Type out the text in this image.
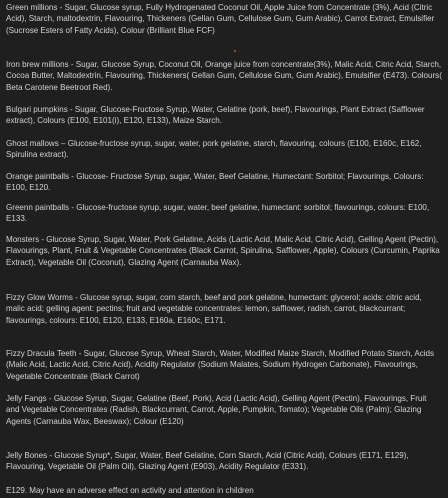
Green millions - Sugar, Glucose syrup, Fully Hydrogenated Coconut Oil, Apple Juice from Concentrate (3%), Acid (Citric Acid), Starch, maltodextrin, Flavouring, Thickeners (Gellan Gum, Cellulose Gum, Gum Arabic), Carrot Extract, Emulsifier (Sucrose Esters of Fatty Acids), Colour (Brilliant Blue FCF)

Iron brew millions - Sugar, Glucose Syrup, Coconut Oil, Orange juice from concentrate(3%), Malic Acid, Citric Acid, Starch, Cocoa Butter, Maltodextrin, Flavouring, Thickeners( Gellan Gum, Cellulose Gum, Gum Arabic), Emulsifier (E473). Colours( Beta Carotene Beetroot Red).

Bulgari pumpkins - Sugar, Glucose-Fructose Syrup, Water, Gelatine (pork, beef), Flavourings, Plant Extract (Safflower extract), Colours (E100, E101(i), E120, E133), Maize Starch.

Ghost mallows – Glucose-fructose syrup, sugar, water, pork gelatine, starch, flavouring, colours (E100, E160c, E162, Spirulina extract).

Orange paintballs - Glucose- Fructose Syrup, sugar, Water, Beef Gelatine, Humectant: Sorbitol; Flavourings, Colours: E100, E120.

Greenn paintballs - Glucose-fructose syrup, sugar, water, beef gelatine, humectant: sorbitol; flavourings, colours: E100, E133.

Monsters - Glucose Syrup, Sugar, Water, Pork Gelatine, Acids (Lactic Acid, Malic Acid, Citric Acid), Gelling Agent (Pectin), Flavourings, Plant, Fruit & Vegetable Concentrates (Black Carrot, Spirulina, Safflower, Apple), Colours (Curcumin, Paprika Extract), Vegetable Oil (Coconut), Glazing Agent (Carnauba Wax).

Fizzy Glow Worms - Glucose syrup, sugar, corn starch, beef and pork gelatine, humectant: glycerol; acids: citric acid, malic acid; gelling agent: pectins; fruit and vegetable concentrates: lemon, safflower, radish, carrot, blackcurrant; flavourings, colours: E100, E120, E133, E160a, E160c, E171.

Fizzy Dracula Teeth - Sugar, Glucose Syrup, Wheat Starch, Water, Modified Maize Starch, Modified Potato Starch, Acids (Malic Acid, Lactic Acid, Citric Acid), Acidity Regulator (Sodium Malates, Sodium Hydrogen Carbonate), Flavourings, Vegetable Concentrate (Black Carrot)

Jelly Fangs - Glucose Syrup, Sugar, Gelatine (Beef, Pork), Acid (Lactic Acid), Gelling Agent (Pectin), Flavourings, Fruit and Vegetable Concentrates (Radish, Blackcurrant, Carrot, Apple, Pumpkin, Tomato); Vegetable Oils (Palm); Glazing Agents (Carnauba Wax, Beeswax); Colour (E120)

Jelly Bones - Glucose Syrup*, Sugar, Water, Beef Gelatine, Corn Starch, Acid (Citric Acid), Colours (E171, E129), Flavouring, Vegetable Oil (Palm Oil), Glazing Agent (E903), Acidity Regulator (E331).

E129. May have an adverse effect on activity and attention in children
